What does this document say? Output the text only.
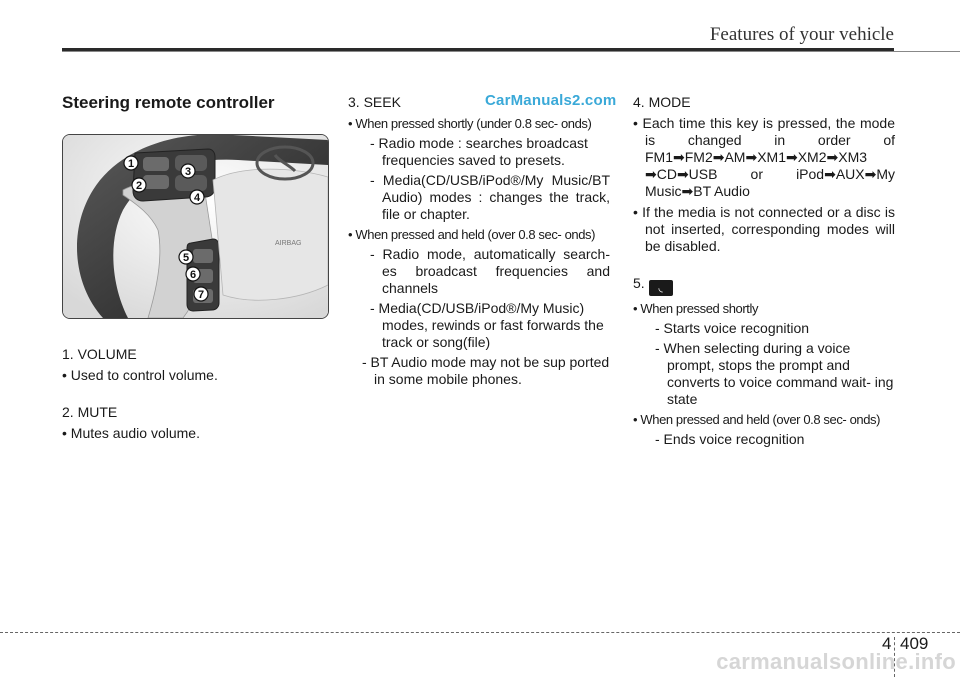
Features of your vehicle
CarManuals2.com
Steering remote controller
AIRBAG
1
2
3
4
5
6
7
1. VOLUME
• Used to control volume.
2. MUTE
• Mutes audio volume.
3. SEEK
• When pressed shortly (under 0.8 sec- onds)
- Radio mode : searches broadcast frequencies saved to presets.
- Media(CD/USB/iPod®/My Music/BT Audio) modes : changes the track, file or chapter.
• When pressed and held (over 0.8 sec- onds)
- Radio mode, automatically search- es broadcast frequencies and channels
- Media(CD/USB/iPod®/My Music) modes, rewinds or fast forwards the track or song(file)
- BT Audio mode may not be sup ported in some mobile phones.
4. MODE
• Each time this key is pressed, the mode is changed in order of FM1➡FM2➡AM➡XM1➡XM2➡XM3 ➡CD➡USB or iPod➡AUX➡My Music➡BT Audio
• If the media is not connected or a disc is not inserted, corresponding modes will be disabled.
5. ◟
• When pressed shortly
- Starts voice recognition
- When selecting during a voice prompt, stops the prompt and converts to voice command wait- ing state
• When pressed and held (over 0.8 sec- onds)
- Ends voice recognition
4 409
carmanualsonline.info
